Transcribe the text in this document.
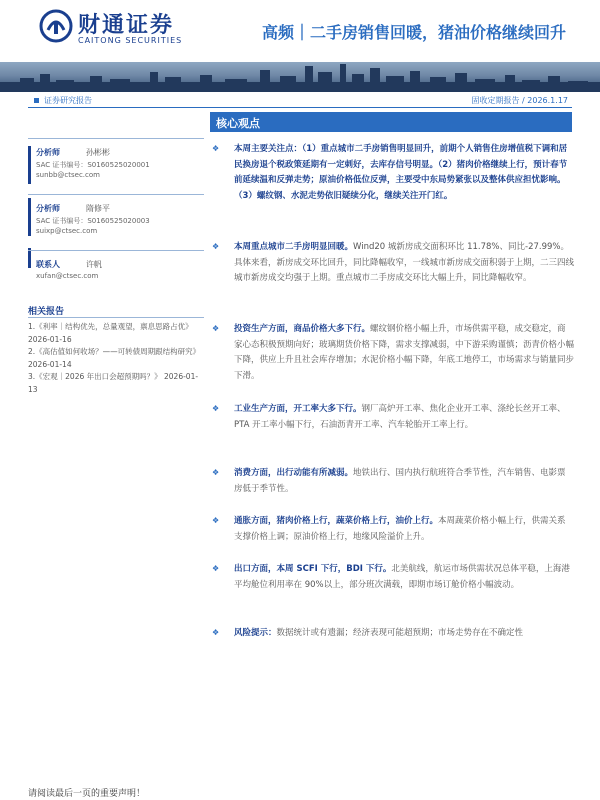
财通证券
CAITONG SECURITIES	高频｜二手房销售回暖，猪油价格继续回升
证券研究报告	固收定期报告 / 2026.1.17
分析师	孙彬彬
SAC 证书编号：S0160525020001
sunbb@ctsec.com
分析师	隋修平
SAC 证书编号：S0160525020003
suixp@ctsec.com
联系人	许帆
xufan@ctsec.com
相关报告
1.《利率｜结构优先，总量观望，禀息思路占优》 2026-01-16
2.《高估值如何收场？——可转债周期跟结构研究》 2026-01-14
3.《宏观｜2026 年出口会超预期吗？》 2026-01-13
核心观点
❖ 本周主要关注点：（1）重点城市二手房销售明显回升，前期个人销售住房增值税下调和居民换房退个税政策延期有一定刺好，去库存信号明显。（2）猪肉价格继续上行，预计春节前延续温和反弹走势；原油价格低位反弹，主要受中东局势紧张以及整体供应担忧影响。（3）螺纹钢、水泥走势依旧疑续分化，继续关注开门红。
❖ 本周重点城市二手房明显回暖。Wind20 城新房成交面积环比 11.78%、同比-27.99%。具体来看，新房成交环比回升，同比降幅收窄，一线城市新房成交面积弱于上期，二三四线城市新房成交均强于上期。重点城市二手房成交环比大幅上升，同比降幅收窄。
❖ 投资生产方面，商品价格大多下行。螺纹钢价格小幅上升，市场供需平稳，成交稳定，商家心态积极预期向好；玻璃期货价格下降，需求支撑减弱，中下游采购谨慎；沥青价格小幅下降，供应上升且社会库存增加；水泥价格小幅下降，年底工地停工，市场需求与销量同步下滑。
❖ 工业生产方面，开工率大多下行。钢厂高炉开工率、焦化企业开工率、涤纶长丝开工率、PTA 开工率小幅下行，石油沥青开工率、汽车轮胎开工率上行。
❖ 消费方面，出行动能有所减弱。地铁出行、国内执行航班符合季节性，汽车销售、电影票房低于季节性。
❖ 通胀方面，猪肉价格上行，蔬菜价格上行，油价上行。本周蔬菜价格小幅上行，供需关系支撑价格上调；原油价格上行，地缘风险溢价上升。
❖ 出口方面，本周 SCFI 下行，BDI 下行。北美航线，航运市场供需状况总体平稳，上海港平均舱位利用率在 90%以上，部分班次满载，即期市场订舱价格小幅波动。
❖ 风险提示：数据统计或有遗漏；经济表现可能超预期；市场走势存在不确定性
请阅读最后一页的重要声明！
